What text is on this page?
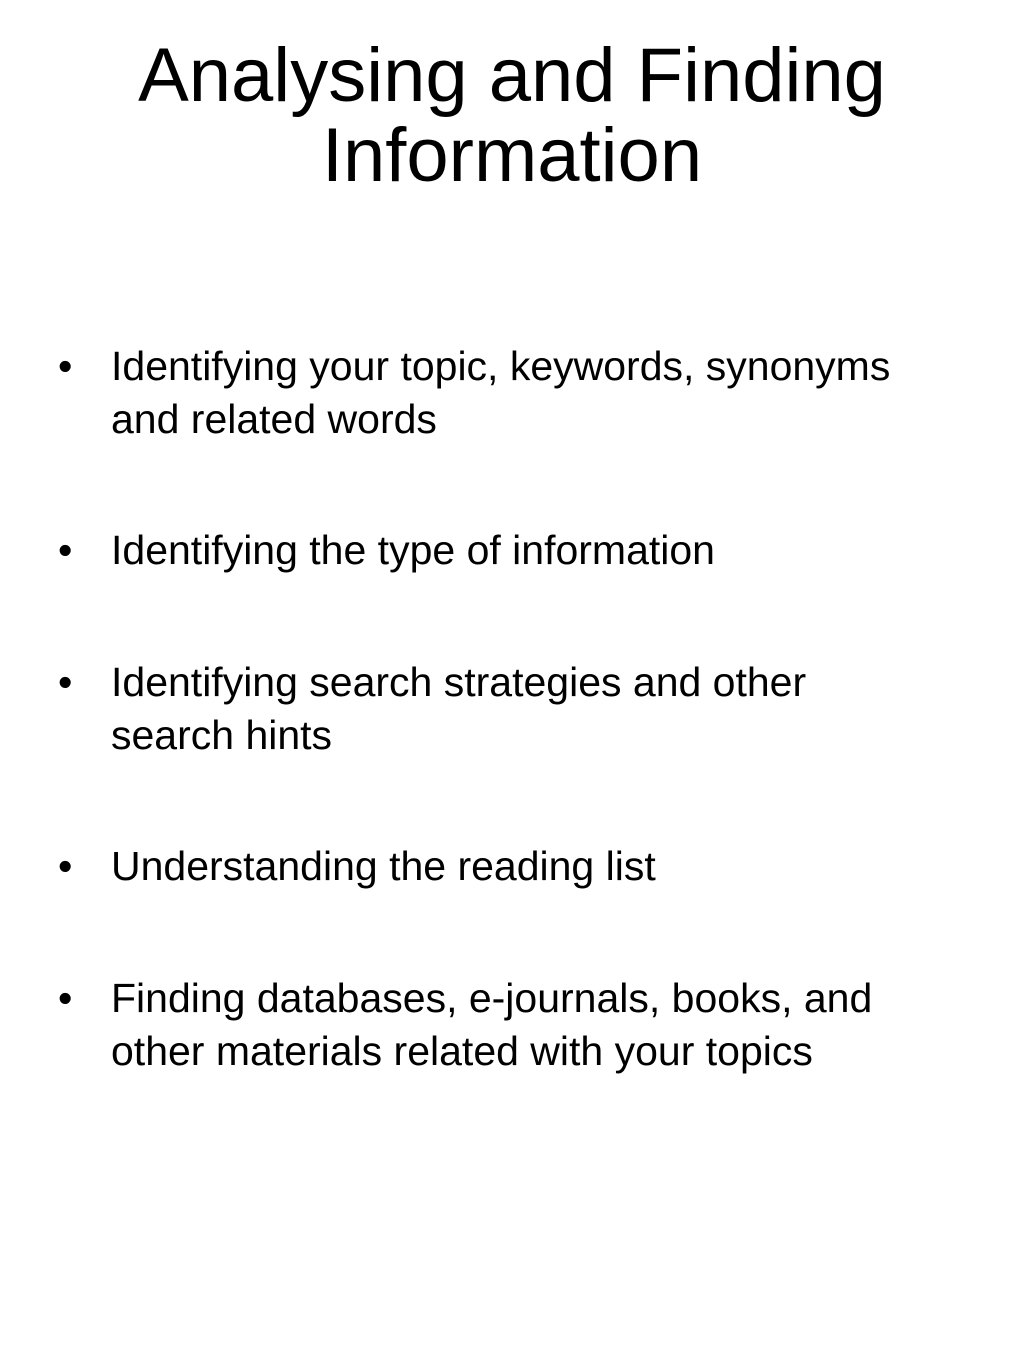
Analysing and Finding
Information
• Identifying your topic, keywords, synonyms
and related words
• Identifying the type of information
• Identifying search strategies and other
search hints
• Understanding the reading list
• Finding databases, e-journals, books, and
other materials related with your topics
